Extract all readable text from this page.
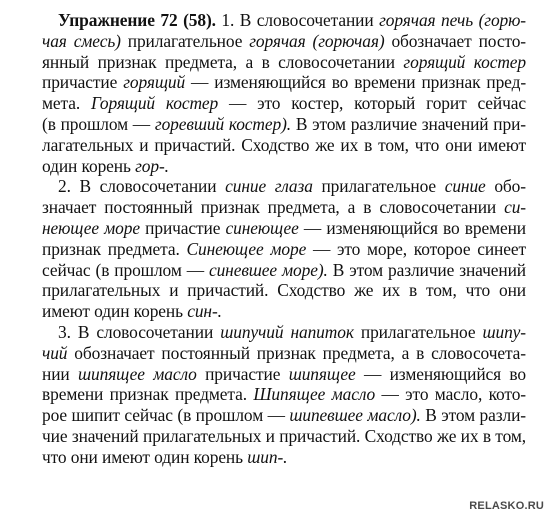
Упражнение 72 (58). 1. В словосочетании горячая печь (горю-
чая смесь) прилагательное горячая (горючая) обозначает посто-
янный признак предмета, а в словосочетании горящий костер
причастие горящий — изменяющийся во времени признак пред-
мета. Горящий костер — это костер, который горит сейчас
(в прошлом — горевший костер). В этом различие значений при-
лагательных и причастий. Сходство же их в том, что они имеют
один корень гор-.
2. В словосочетании синие глаза прилагательное синие обо-
значает постоянный признак предмета, а в словосочетании си-
неющее море причастие синеющее — изменяющийся во времени
признак предмета. Синеющее море — это море, которое синеет
сейчас (в прошлом — синевшее море). В этом различие значений
прилагательных и причастий. Сходство же их в том, что они
имеют один корень син-.
3. В словосочетании шипучий напиток прилагательное шипу-
чий обозначает постоянный признак предмета, а в словосочета-
нии шипящее масло причастие шипящее — изменяющийся во
времени признак предмета. Шипящее масло — это масло, кото-
рое шипит сейчас (в прошлом — шипевшее масло). В этом разли-
чие значений прилагательных и причастий. Сходство же их в том,
что они имеют один корень шип-.
RELASKO.RU
